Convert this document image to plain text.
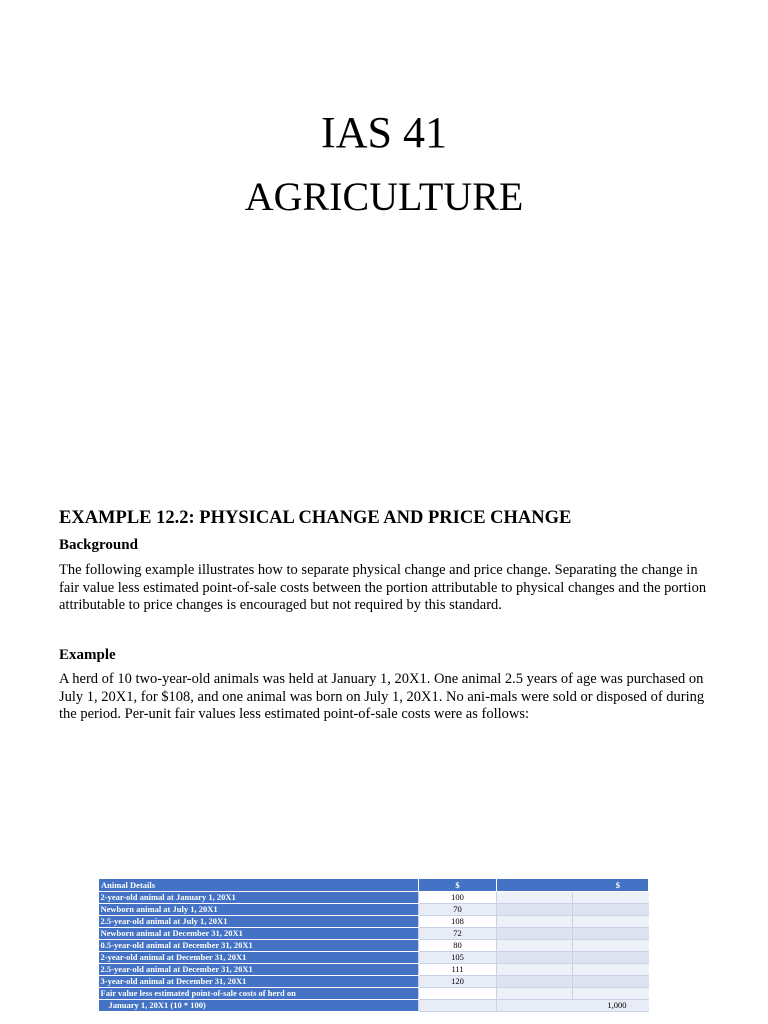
IAS 41
AGRICULTURE
EXAMPLE 12.2: PHYSICAL CHANGE AND PRICE CHANGE
Background

The following example illustrates how to separate physical change and price change. Separating the change in fair value less estimated point-of-sale costs between the portion attributable to physical changes and the portion attributable to price changes is encouraged but not required by this standard.

Example

A herd of 10 two-year-old animals was held at January 1, 20X1. One animal 2.5 years of age was purchased on July 1, 20X1, for $108, and one animal was born on July 1, 20X1. No ani-mals were sold or disposed of during the period. Per-unit fair values less estimated point-of-sale costs were as follows:

Animal Details	$	$	
2-year-old animal at January 1, 20X1	100		
Newborn animal at July 1, 20X1	70		
2.5-year-old animal at July 1, 20X1	108		
Newborn animal at December 31, 20X1	72		
0.5-year-old animal at December 31, 20X1	80		
2-year-old animal at December 31, 20X1	105		
2.5-year-old animal at December 31, 20X1	111		
3-year-old animal at December 31, 20X1	120		
Fair value less estimated point-of-sale costs of herd on			
January 1, 20X1 (10 * 100)		1,000	
